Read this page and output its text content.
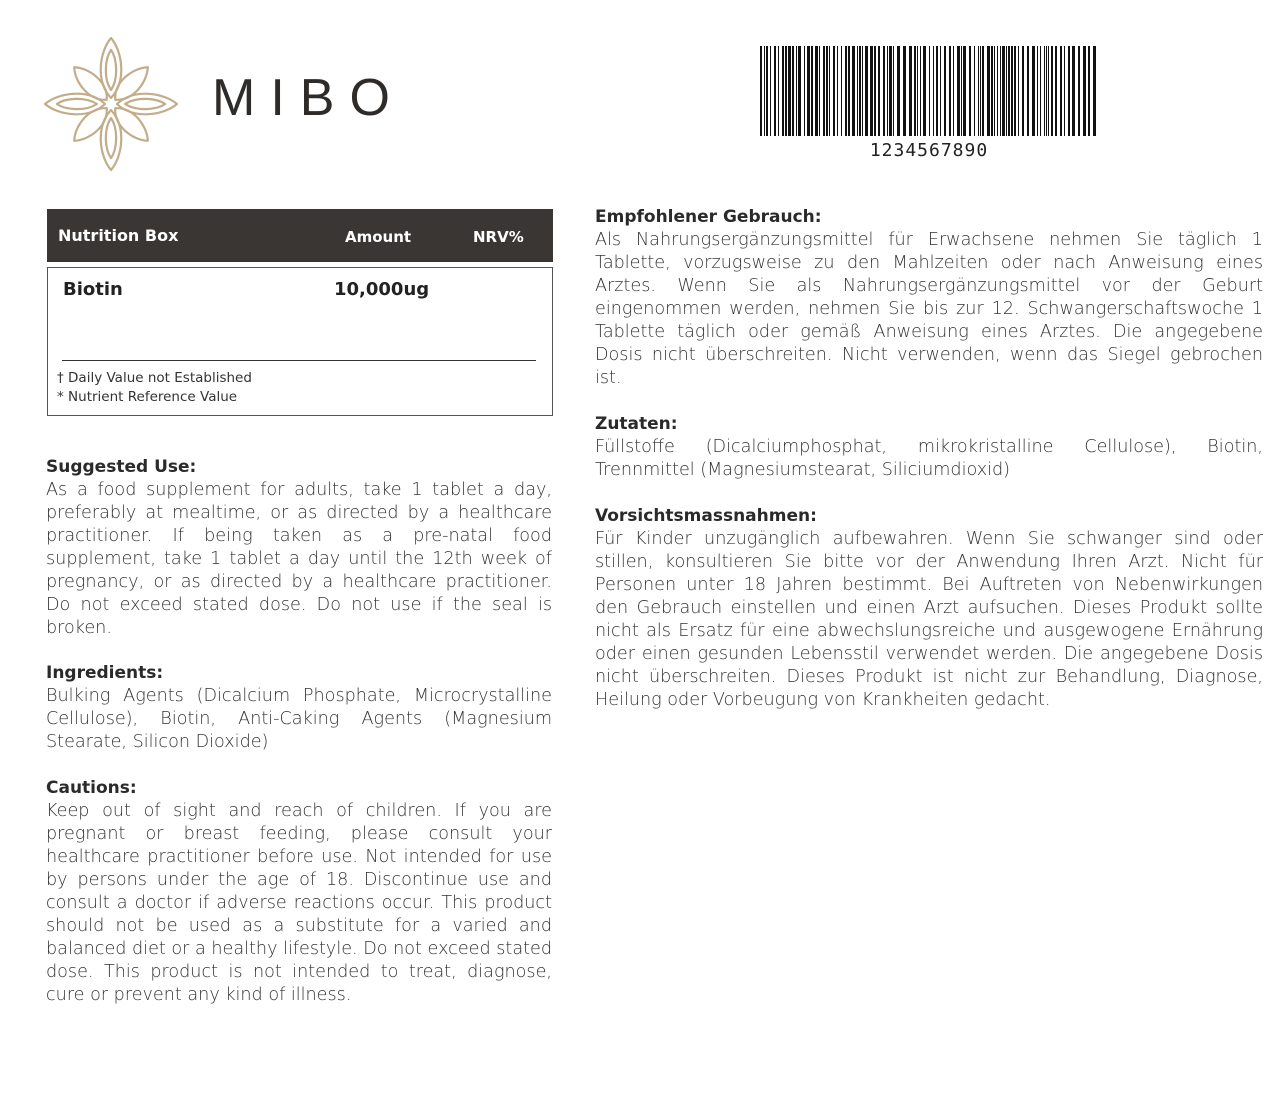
MIBO
1234567890
Nutrition Box	Amount	NRV%
Biotin	10,000ug
† Daily Value not Established
* Nutrient Reference Value
Suggested Use:

As a food supplement for adults, take 1 tablet a day, preferably at mealtime, or as directed by a healthcare practitioner. If being taken as a pre-natal food supplement, take 1 tablet a day until the 12th week of pregnancy, or as directed by a healthcare practitioner. Do not exceed stated dose. Do not use if the seal is broken.

Ingredients:

Bulking Agents (Dicalcium Phosphate, Microcrystalline Cellulose), Biotin, Anti-Caking Agents (Magnesium Stearate, Silicon Dioxide)

Cautions:

Keep out of sight and reach of children. If you are pregnant or breast feeding, please consult your healthcare practitioner before use. Not intended for use by persons under the age of 18. Discontinue use and consult a doctor if adverse reactions occur. This product should not be used as a substitute for a varied and balanced diet or a healthy lifestyle. Do not exceed stated dose. This product is not intended to treat, diagnose, cure or prevent any kind of illness.

Empfohlener Gebrauch:

Als Nahrungsergänzungsmittel für Erwachsene nehmen Sie täglich 1 Tablette, vorzugsweise zu den Mahlzeiten oder nach Anweisung eines Arztes. Wenn Sie als Nahrungsergänzungsmittel vor der Geburt eingenommen werden, nehmen Sie bis zur 12. Schwangerschaftswoche 1 Tablette täglich oder gemäß Anweisung eines Arztes. Die angegebene Dosis nicht überschreiten. Nicht verwenden, wenn das Siegel gebrochen ist.

Zutaten:

Füllstoffe (Dicalciumphosphat, mikrokristalline Cellulose), Biotin, Trennmittel (Magnesiumstearat, Siliciumdioxid)

Vorsichtsmassnahmen:

Für Kinder unzugänglich aufbewahren. Wenn Sie schwanger sind oder stillen, konsultieren Sie bitte vor der Anwendung Ihren Arzt. Nicht für Personen unter 18 Jahren bestimmt. Bei Auftreten von Nebenwirkungen den Gebrauch einstellen und einen Arzt aufsuchen. Dieses Produkt sollte nicht als Ersatz für eine abwechslungsreiche und ausgewogene Ernährung oder einen gesunden Lebensstil verwendet werden. Die angegebene Dosis nicht überschreiten. Dieses Produkt ist nicht zur Behandlung, Diagnose, Heilung oder Vorbeugung von Krankheiten gedacht.
